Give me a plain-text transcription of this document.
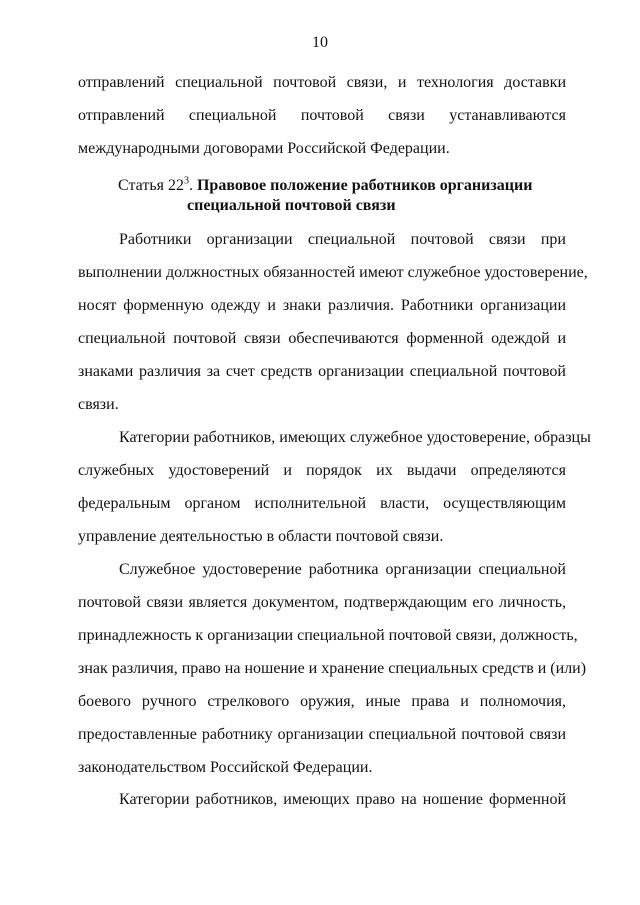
10
отправлений специальной почтовой связи, и технология доставки
отправлений специальной почтовой связи устанавливаются
международными договорами Российской Федерации.
Статья $22^3$. Правовое положение работников организации
специальной почтовой связи
Работники организации специальной почтовой связи при
выполнении должностных обязанностей имеют служебное удостоверение,
носят форменную одежду и знаки различия. Работники организации
специальной почтовой связи обеспечиваются форменной одеждой и
знаками различия за счет средств организации специальной почтовой
связи.
Категории работников, имеющих служебное удостоверение, образцы
служебных удостоверений и порядок их выдачи определяются
федеральным органом исполнительной власти, осуществляющим
управление деятельностью в области почтовой связи.
Служебное удостоверение работника организации специальной
почтовой связи является документом, подтверждающим его личность,
принадлежность к организации специальной почтовой связи, должность,
знак различия, право на ношение и хранение специальных средств и (или)
боевого ручного стрелкового оружия, иные права и полномочия,
предоставленные работнику организации специальной почтовой связи
законодательством Российской Федерации.
Категории работников, имеющих право на ношение форменной
